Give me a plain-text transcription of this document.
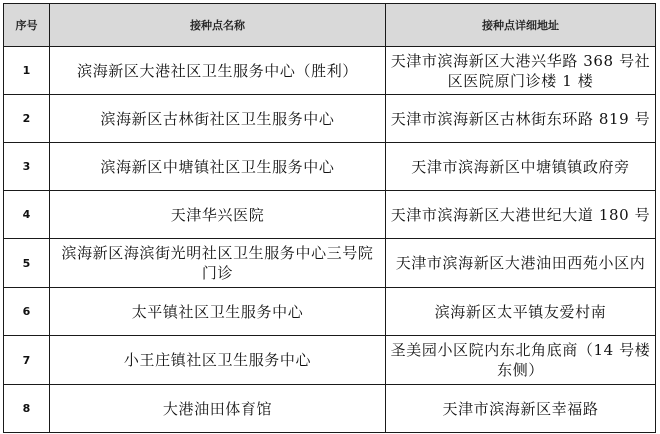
序号	接种点名称	接种点详细地址
1	滨海新区大港社区卫生服务中心（胜利）	天津市滨海新区大港兴华路 368 号社区医院原门诊楼 1 楼
2	滨海新区古林街社区卫生服务中心	天津市滨海新区古林街东环路 819 号
3	滨海新区中塘镇社区卫生服务中心	天津市滨海新区中塘镇镇政府旁
4	天津华兴医院	天津市滨海新区大港世纪大道 180 号
5	滨海新区海滨街光明社区卫生服务中心三号院门诊	天津市滨海新区大港油田西苑小区内
6	太平镇社区卫生服务中心	滨海新区太平镇友爱村南
7	小王庄镇社区卫生服务中心	圣美园小区院内东北角底商（14 号楼东侧）
8	大港油田体育馆	天津市滨海新区幸福路
